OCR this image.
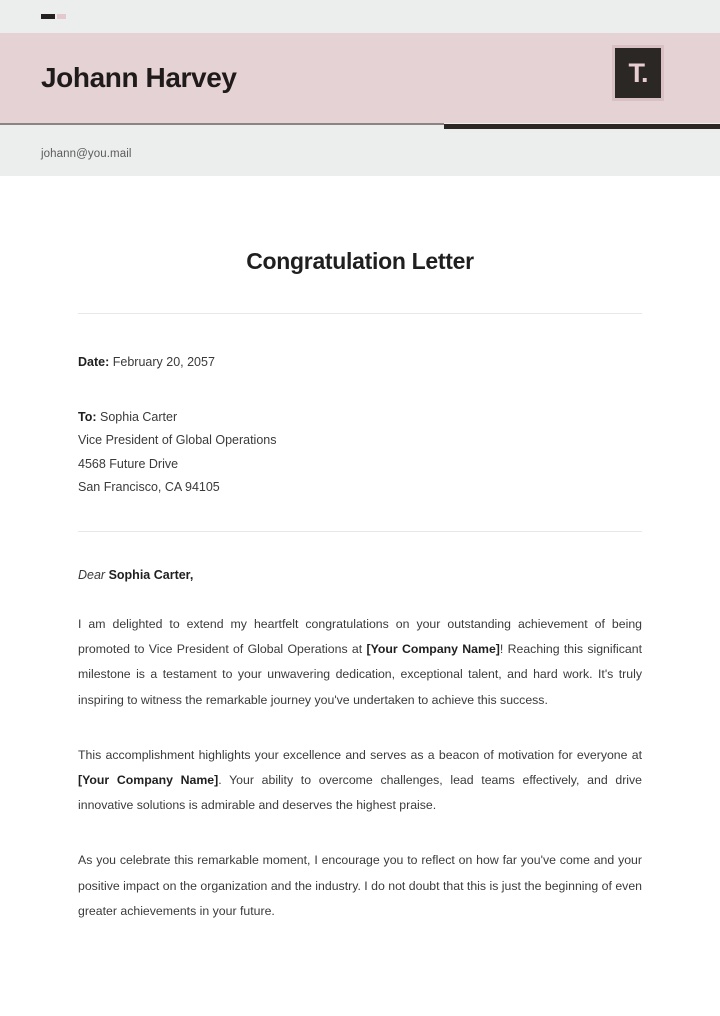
Johann Harvey	T.
johann@you.mail
Congratulation Letter

Date: February 20, 2057

To: Sophia Carter
Vice President of Global Operations
4568 Future Drive
San Francisco, CA 94105

Dear Sophia Carter,

I am delighted to extend my heartfelt congratulations on your outstanding achievement of being promoted to Vice President of Global Operations at [Your Company Name]! Reaching this significant milestone is a testament to your unwavering dedication, exceptional talent, and hard work. It's truly inspiring to witness the remarkable journey you've undertaken to achieve this success.

This accomplishment highlights your excellence and serves as a beacon of motivation for everyone at [Your Company Name]. Your ability to overcome challenges, lead teams effectively, and drive innovative solutions is admirable and deserves the highest praise.

As you celebrate this remarkable moment, I encourage you to reflect on how far you've come and your positive impact on the organization and the industry. I do not doubt that this is just the beginning of even greater achievements in your future.
